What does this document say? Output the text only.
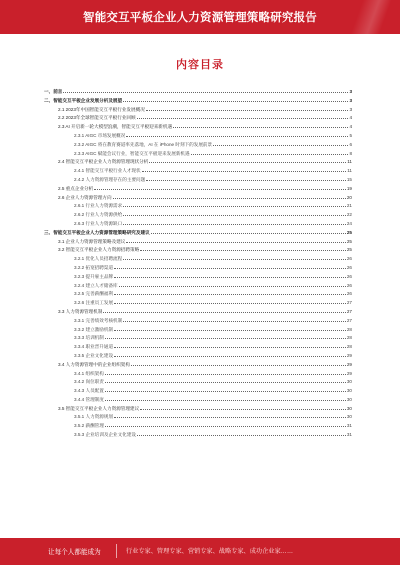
智能交互平板企业人力资源管理策略研究报告
内容目录
一、前言	3
二、智能交互平板企业发展分析及展望	3
2.1 2023年中国智能交互平板行业发展概况	3
2.2 2023年全球智能交互平板行业回顾	4
2.3 AI 开启新一轮大模型浪潮，智能交互平板迎来新机遇	4
2.3.1 AIGC 市场发展概况	5
2.3.2 AIGC 将在教育赛道率先落地，AI 在 iPhone 时刻下的发展前景	6
2.3.3 AIGC 赋能会议行业，智能交互平板迎来发展新机遇	8
2.4 智能交互平板企业人力资源管理现状分析	11
2.4.1 智能交互平板行业人才现状	11
2.4.2 人力资源管理存在的主要问题	15
2.5 重点企业分析	19
2.6 企业人力资源管理方向	20
2.6.1 行业人力资源需求	21
2.6.2 行业人力资源供给	22
2.6.3 行业人力资源缺口	24
三、智能交互平板企业人力资源管理策略研究及建议	25
3.1 企业人力资源管理策略及建议	25
3.2 智能交互平板企业人力资源招聘策略	25
3.2.1 优化人员招聘流程	26
3.2.2 拓宽招聘渠道	26
3.2.3 提升雇主品牌	26
3.2.4 建立人才储备库	26
3.2.5 完善薪酬福利	26
3.2.6 注重员工发展	27
3.3 人力资源管理机制	27
3.3.1 完善绩效考核机制	27
3.3.2 建立激励机制	28
3.3.3 培训机制	28
3.3.4 职业晋升通道	28
3.3.5 企业文化建设	29
3.4 人力资源管理中的企业组织架构	29
3.4.1 组织架构	29
3.4.2 岗位职责	30
3.4.3 人员配置	30
3.4.4 管理制度	30
3.5 智能交互平板企业人力资源管理建议	30
3.5.1 人力资源规划	30
3.5.2 薪酬管理	31
3.5.3 企业培训及企业文化建设	31
让每个人都能成为	行业专家、管理专家、营销专家、战略专家、成功企业家……
